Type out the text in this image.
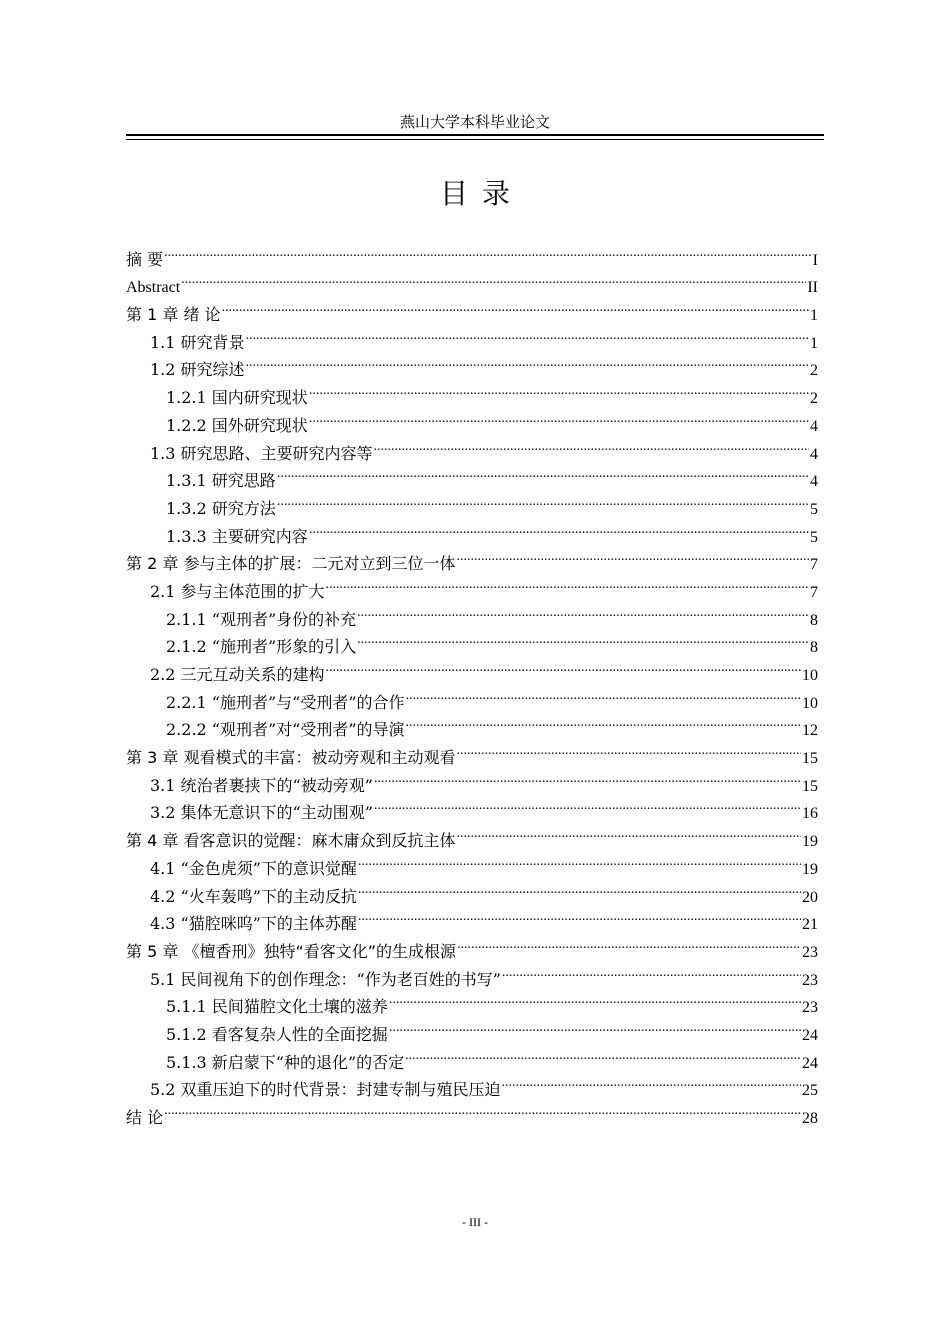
燕山大学本科毕业论文
目录
摘 要 .....	I
Abstract .....	II
第 1 章 绪 论 .....	1
1.1 研究背景 .....	1
1.2 研究综述 .....	2
1.2.1 国内研究现状 .....	2
1.2.2 国外研究现状 .....	4
1.3 研究思路、主要研究内容等 .....	4
1.3.1 研究思路 .....	4
1.3.2 研究方法 .....	5
1.3.3 主要研究内容 .....	5
第 2 章 参与主体的扩展：二元对立到三位一体 .....	7
2.1 参与主体范围的扩大 .....	7
2.1.1 “观刑者”身份的补充 .....	8
2.1.2 “施刑者”形象的引入 .....	8
2.2 三元互动关系的建构 .....	10
2.2.1 “施刑者”与“受刑者”的合作 .....	10
2.2.2 “观刑者”对“受刑者”的导演 .....	12
第 3 章 观看模式的丰富：被动旁观和主动观看 .....	15
3.1 统治者裹挟下的“被动旁观” .....	15
3.2 集体无意识下的“主动围观” .....	16
第 4 章 看客意识的觉醒：麻木庸众到反抗主体 .....	19
4.1 “金色虎须”下的意识觉醒 .....	19
4.2 “火车轰鸣”下的主动反抗 .....	20
4.3 “猫腔咪呜”下的主体苏醒 .....	21
第 5 章 《檀香刑》独特“看客文化”的生成根源 .....	23
5.1 民间视角下的创作理念：“作为老百姓的书写” .....	23
5.1.1 民间猫腔文化土壤的滋养 .....	23
5.1.2 看客复杂人性的全面挖掘 .....	24
5.1.3 新启蒙下“种的退化”的否定 .....	24
5.2 双重压迫下的时代背景：封建专制与殖民压迫 .....	25
结 论 .....	28
- III -
